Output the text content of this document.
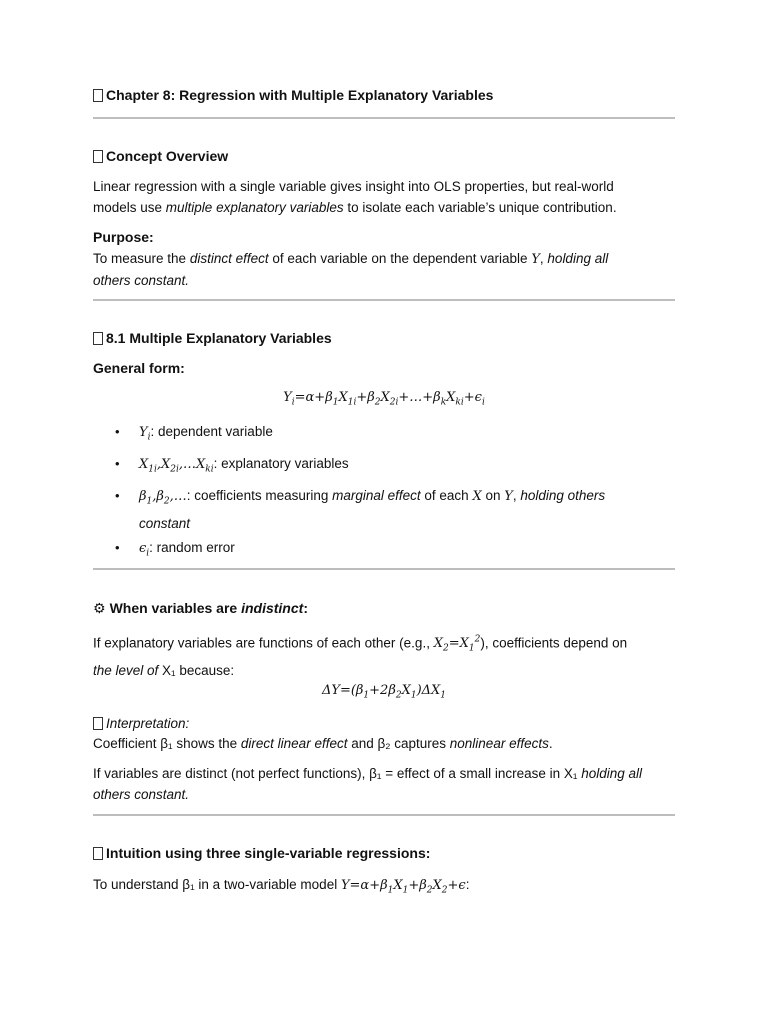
Chapter 8: Regression with Multiple Explanatory Variables
Concept Overview
Linear regression with a single variable gives insight into OLS properties, but real-world
models use multiple explanatory variables to isolate each variable’s unique contribution.
Purpose:
To measure the distinct effect of each variable on the dependent variable Y, holding all
others constant.
8.1 Multiple Explanatory Variables
General form:
$Y_i=\alpha+\beta_1X_{1i}+\beta_2X_{2i}+\dots+\beta_kX_{ki}+\epsilon_i$
• $Y_i$: dependent variable
• $X_{1i},X_{2i},\dots X_{ki}$: explanatory variables
• $\beta_1,\beta_2,\dots$: coefficients measuring marginal effect of each X on Y, holding others
constant
• $\epsilon_i$: random error
⚙ When variables are indistinct:
If explanatory variables are functions of each other (e.g., $X_2=X_1^2$), coefficients depend on
the level of X₁ because:
$\Delta Y=(\beta_1+2\beta_2X_1)\Delta X_1$
Interpretation:
Coefficient β₁ shows the direct linear effect and β₂ captures nonlinear effects.
If variables are distinct (not perfect functions), β₁ = effect of a small increase in X₁ holding all
others constant.
Intuition using three single-variable regressions:
To understand β₁ in a two-variable model $Y=\alpha+\beta_1X_1+\beta_2X_2+\epsilon$:
